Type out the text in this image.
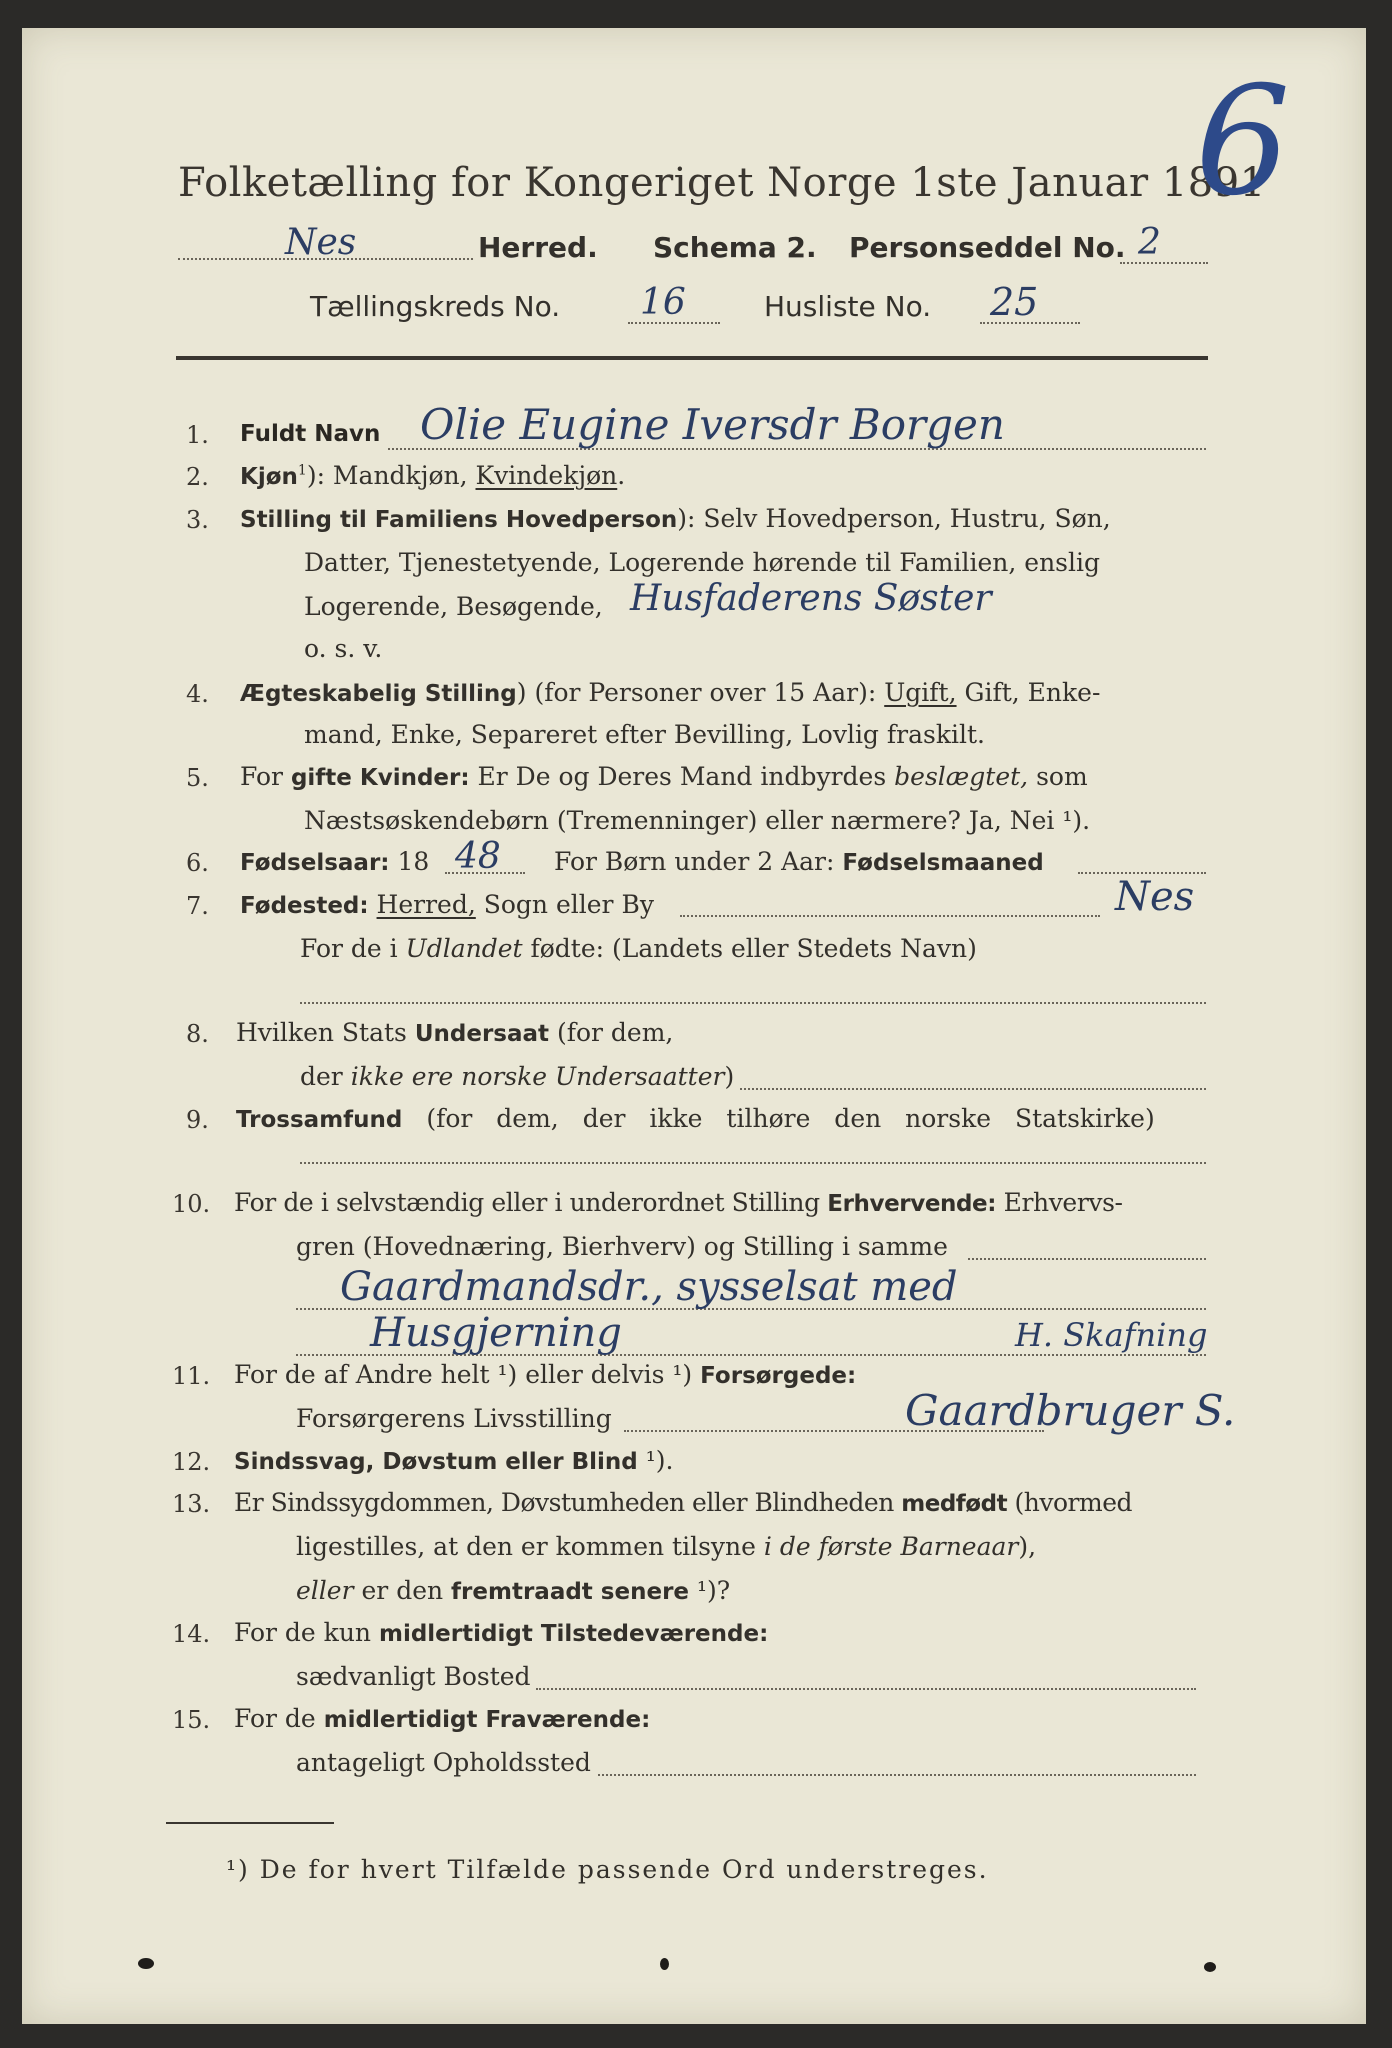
Folketælling for Kongeriget Norge 1ste Januar 1891
6
Nes	Herred. Schema 2. Personseddel No. 2
Tællingskreds No. 16	Husliste No. 25
1. Fuldt Navn Olie Eugine Iversdr Borgen
2. Kjøn$^1$): Mandkjøn, Kvindekjøn.
3. Stilling til Familiens Hovedperson): Selv Hovedperson, Hustru, Søn,
Datter, Tjenestetyende, Logerende hørende til Familien, enslig
Logerende, Besøgende, Husfaderens Søster
o. s. v.
4. Ægteskabelig Stilling) (for Personer over 15 Aar): Ugift, Gift, Enke-
mand, Enke, Separeret efter Bevilling, Lovlig fraskilt.
5. For gifte Kvinder: Er De og Deres Mand indbyrdes beslægtet, som
Næstsøskendebørn (Tremenninger) eller nærmere? Ja, Nei ¹).
6. Fødselsaar: 18 48 For Børn under 2 Aar: Fødselsmaaned
7. Fødested: Herred, Sogn eller By	Nes
For de i Udlandet fødte: (Landets eller Stedets Navn)
8. Hvilken Stats Undersaat (for dem,
der ikke ere norske Undersaatter)
9. Trossamfund (for dem, der ikke tilhøre den norske Statskirke)
10. For de i selvstændig eller i underordnet Stilling Erhvervende: Erhvervs-
gren (Hovednæring, Bierhverv) og Stilling i samme
Gaardmandsdr., sysselsat med
Husgjerning	H. Skafning
11. For de af Andre helt ¹) eller delvis ¹) Forsørgede:
Forsørgerens Livsstilling	Gaardbruger S.
12. Sindssvag, Døvstum eller Blind ¹).
13. Er Sindssygdommen, Døvstumheden eller Blindheden medfødt (hvormed
ligestilles, at den er kommen tilsyne i de første Barneaar),
eller er den fremtraadt senere ¹)?
14. For de kun midlertidigt Tilstedeværende:
sædvanligt Bosted
15. For de midlertidigt Fraværende:
antageligt Opholdssted
¹) De for hvert Tilfælde passende Ord understreges.
